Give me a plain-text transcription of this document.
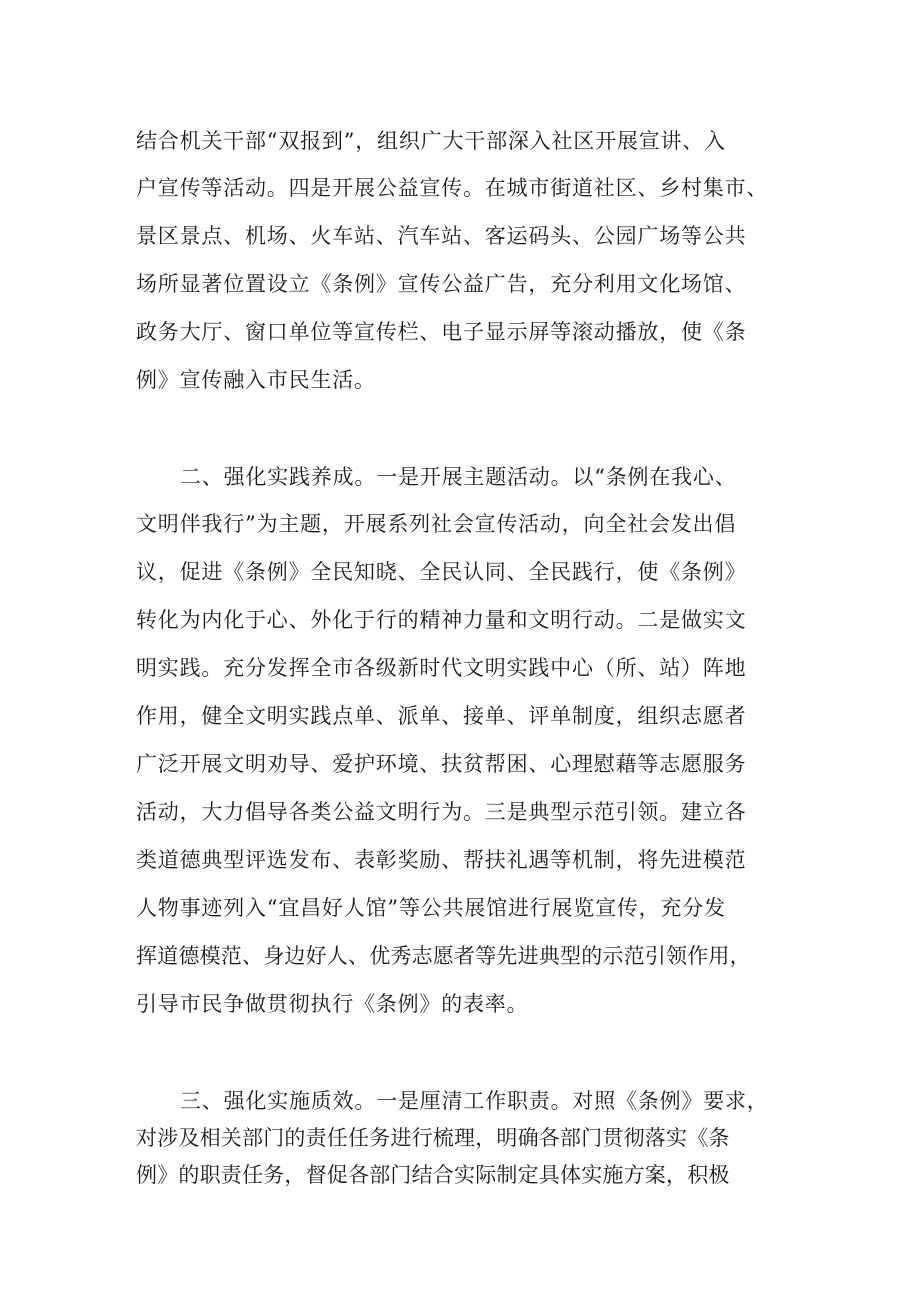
结合机关干部“双报到”，组织广大干部深入社区开展宣讲、入
户宣传等活动。四是开展公益宣传。在城市街道社区、乡村集市、
景区景点、机场、火车站、汽车站、客运码头、公园广场等公共
场所显著位置设立《条例》宣传公益广告，充分利用文化场馆、
政务大厅、窗口单位等宣传栏、电子显示屏等滚动播放，使《条
例》宣传融入市民生活。
二、强化实践养成。一是开展主题活动。以“条例在我心、
文明伴我行”为主题，开展系列社会宣传活动，向全社会发出倡
议，促进《条例》全民知晓、全民认同、全民践行，使《条例》
转化为内化于心、外化于行的精神力量和文明行动。二是做实文
明实践。充分发挥全市各级新时代文明实践中心（所、站）阵地
作用，健全文明实践点单、派单、接单、评单制度，组织志愿者
广泛开展文明劝导、爱护环境、扶贫帮困、心理慰藉等志愿服务
活动，大力倡导各类公益文明行为。三是典型示范引领。建立各
类道德典型评选发布、表彰奖励、帮扶礼遇等机制，将先进模范
人物事迹列入“宜昌好人馆”等公共展馆进行展览宣传，充分发
挥道德模范、身边好人、优秀志愿者等先进典型的示范引领作用，
引导市民争做贯彻执行《条例》的表率。
三、强化实施质效。一是厘清工作职责。对照《条例》要求，
对涉及相关部门的责任任务进行梳理，明确各部门贯彻落实《条
例》的职责任务，督促各部门结合实际制定具体实施方案，积极
